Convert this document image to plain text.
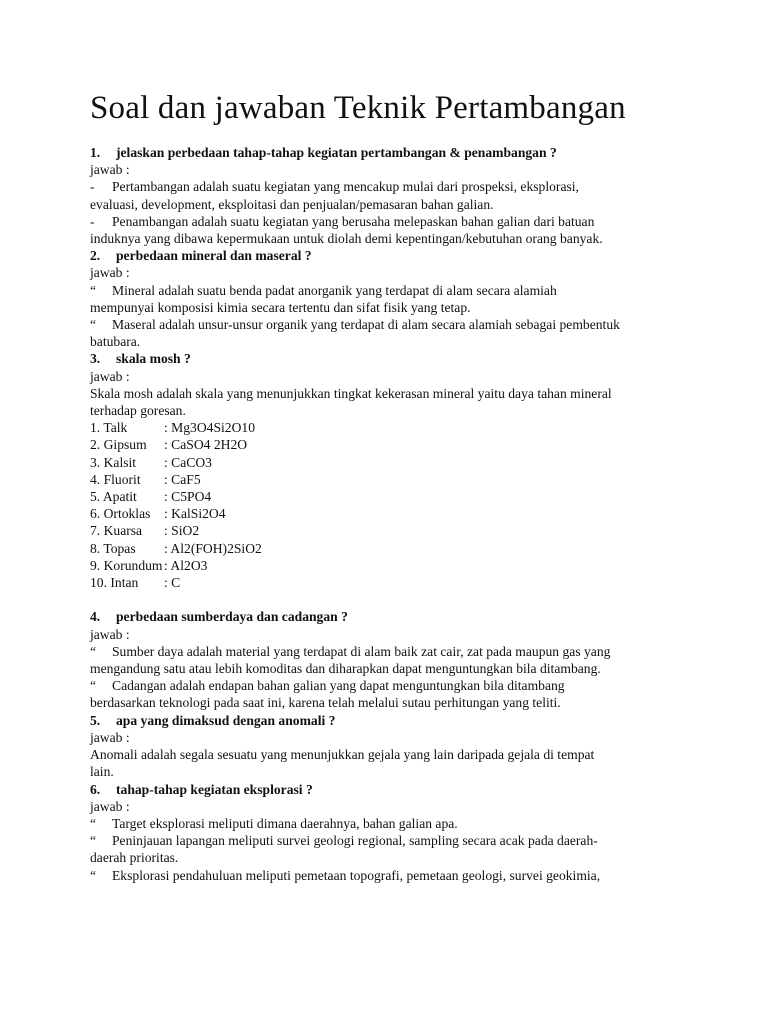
Soal dan jawaban Teknik Pertambangan
1. jelaskan perbedaan tahap-tahap kegiatan pertambangan & penambangan ?
jawab :
- Pertambangan adalah suatu kegiatan yang mencakup mulai dari prospeksi, eksplorasi,
evaluasi, development, eksploitasi dan penjualan/pemasaran bahan galian.
- Penambangan adalah suatu kegiatan yang berusaha melepaskan bahan galian dari batuan
induknya yang dibawa kepermukaan untuk diolah demi kepentingan/kebutuhan orang banyak.
2. perbedaan mineral dan maseral ?
jawab :
“ Mineral adalah suatu benda padat anorganik yang terdapat di alam secara alamiah
mempunyai komposisi kimia secara tertentu dan sifat fisik yang tetap.
“ Maseral adalah unsur-unsur organik yang terdapat di alam secara alamiah sebagai pembentuk
batubara.
3. skala mosh ?
jawab :
Skala mosh adalah skala yang menunjukkan tingkat kekerasan mineral yaitu daya tahan mineral
terhadap goresan.
1. Talk	: Mg3O4Si2O10
2. Gipsum : CaSO4 2H2O
3. Kalsit : CaCO3
4. Fluorit : CaF5
5. Apatit : C5PO4
6. Ortoklas : KalSi2O4
7. Kuarsa : SiO2
8. Topas : Al2(FOH)2SiO2
9. Korundum : Al2O3
10. Intan : C
4. perbedaan sumberdaya dan cadangan ?
jawab :
“ Sumber daya adalah material yang terdapat di alam baik zat cair, zat pada maupun gas yang
mengandung satu atau lebih komoditas dan diharapkan dapat menguntungkan bila ditambang.
“ Cadangan adalah endapan bahan galian yang dapat menguntungkan bila ditambang
berdasarkan teknologi pada saat ini, karena telah melalui sutau perhitungan yang teliti.
5. apa yang dimaksud dengan anomali ?
jawab :
Anomali adalah segala sesuatu yang menunjukkan gejala yang lain daripada gejala di tempat
lain.
6. tahap-tahap kegiatan eksplorasi ?
jawab :
“ Target eksplorasi meliputi dimana daerahnya, bahan galian apa.
“ Peninjauan lapangan meliputi survei geologi regional, sampling secara acak pada daerah-
daerah prioritas.
“ Eksplorasi pendahuluan meliputi pemetaan topografi, pemetaan geologi, survei geokimia,
